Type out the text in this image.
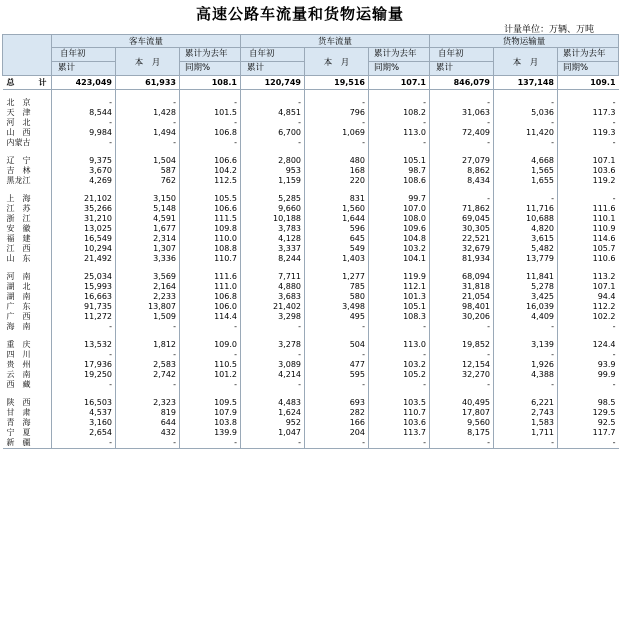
高速公路车流量和货物运输量
计量单位：万辆、万吨
	客车流量			货车流量			货物运输量		
	自年初	本　月	累计为去年	自年初	本　月	累计为去年	自年初	本　月	累计为去年
	累计		同期%	累计		同期%	累计		同期%
总　计	423,049	61,933	108.1	120,749	19,516	107.1	846,079	137,148	109.1

北　京	-	-	-	-	-	-	-	-	-
天　津	8,544	1,428	101.5	4,851	796	108.2	31,063	5,036	117.3
河　北	-	-	-	-	-	-	-	-	-
山　西	9,984	1,494	106.8	6,700	1,069	113.0	72,409	11,420	119.3
内蒙古	-	-	-	-	-	-	-	-	-

辽　宁	9,375	1,504	106.6	2,800	480	105.1	27,079	4,668	107.1
吉　林	3,670	587	104.2	953	168	98.7	8,862	1,565	103.6
黑龙江	4,269	762	112.5	1,159	220	108.6	8,434	1,655	119.2

上　海	21,102	3,150	105.5	5,285	831	99.7	-	-	-
江　苏	35,266	5,148	106.6	9,660	1,560	107.0	71,862	11,716	111.6
浙　江	31,210	4,591	111.5	10,188	1,644	108.0	69,045	10,688	110.1
安　徽	13,025	1,677	109.8	3,783	596	109.6	30,305	4,820	110.9
福　建	16,549	2,314	110.0	4,128	645	104.8	22,521	3,615	114.6
江　西	10,294	1,307	108.8	3,337	549	103.2	32,679	5,482	105.7
山　东	21,492	3,336	110.7	8,244	1,403	104.1	81,934	13,779	110.6

河　南	25,034	3,569	111.6	7,711	1,277	119.9	68,094	11,841	113.2
湖　北	15,993	2,164	111.0	4,880	785	112.1	31,818	5,278	107.1
湖　南	16,663	2,233	106.8	3,683	580	101.3	21,054	3,425	94.4
广　东	91,735	13,807	106.0	21,402	3,498	105.1	98,401	16,039	112.2
广　西	11,272	1,509	114.4	3,298	495	108.3	30,206	4,409	102.2
海　南	-	-	-	-	-	-	-	-	-

重　庆	13,532	1,812	109.0	3,278	504	113.0	19,852	3,139	124.4
四　川	-	-	-	-	-	-	-	-	-
贵　州	17,936	2,583	110.5	3,089	477	103.2	12,154	1,926	93.9
云　南	19,250	2,742	101.2	4,214	595	105.2	32,270	4,388	99.9
西　藏	-	-	-	-	-	-	-	-	-

陕　西	16,503	2,323	109.5	4,483	693	103.5	40,495	6,221	98.5
甘　肃	4,537	819	107.9	1,624	282	110.7	17,807	2,743	129.5
青　海	3,160	644	103.8	952	166	103.6	9,560	1,583	92.5
宁　夏	2,654	432	139.9	1,047	204	113.7	8,175	1,711	117.7
新　疆	-	-	-	-	-	-	-	-	-
